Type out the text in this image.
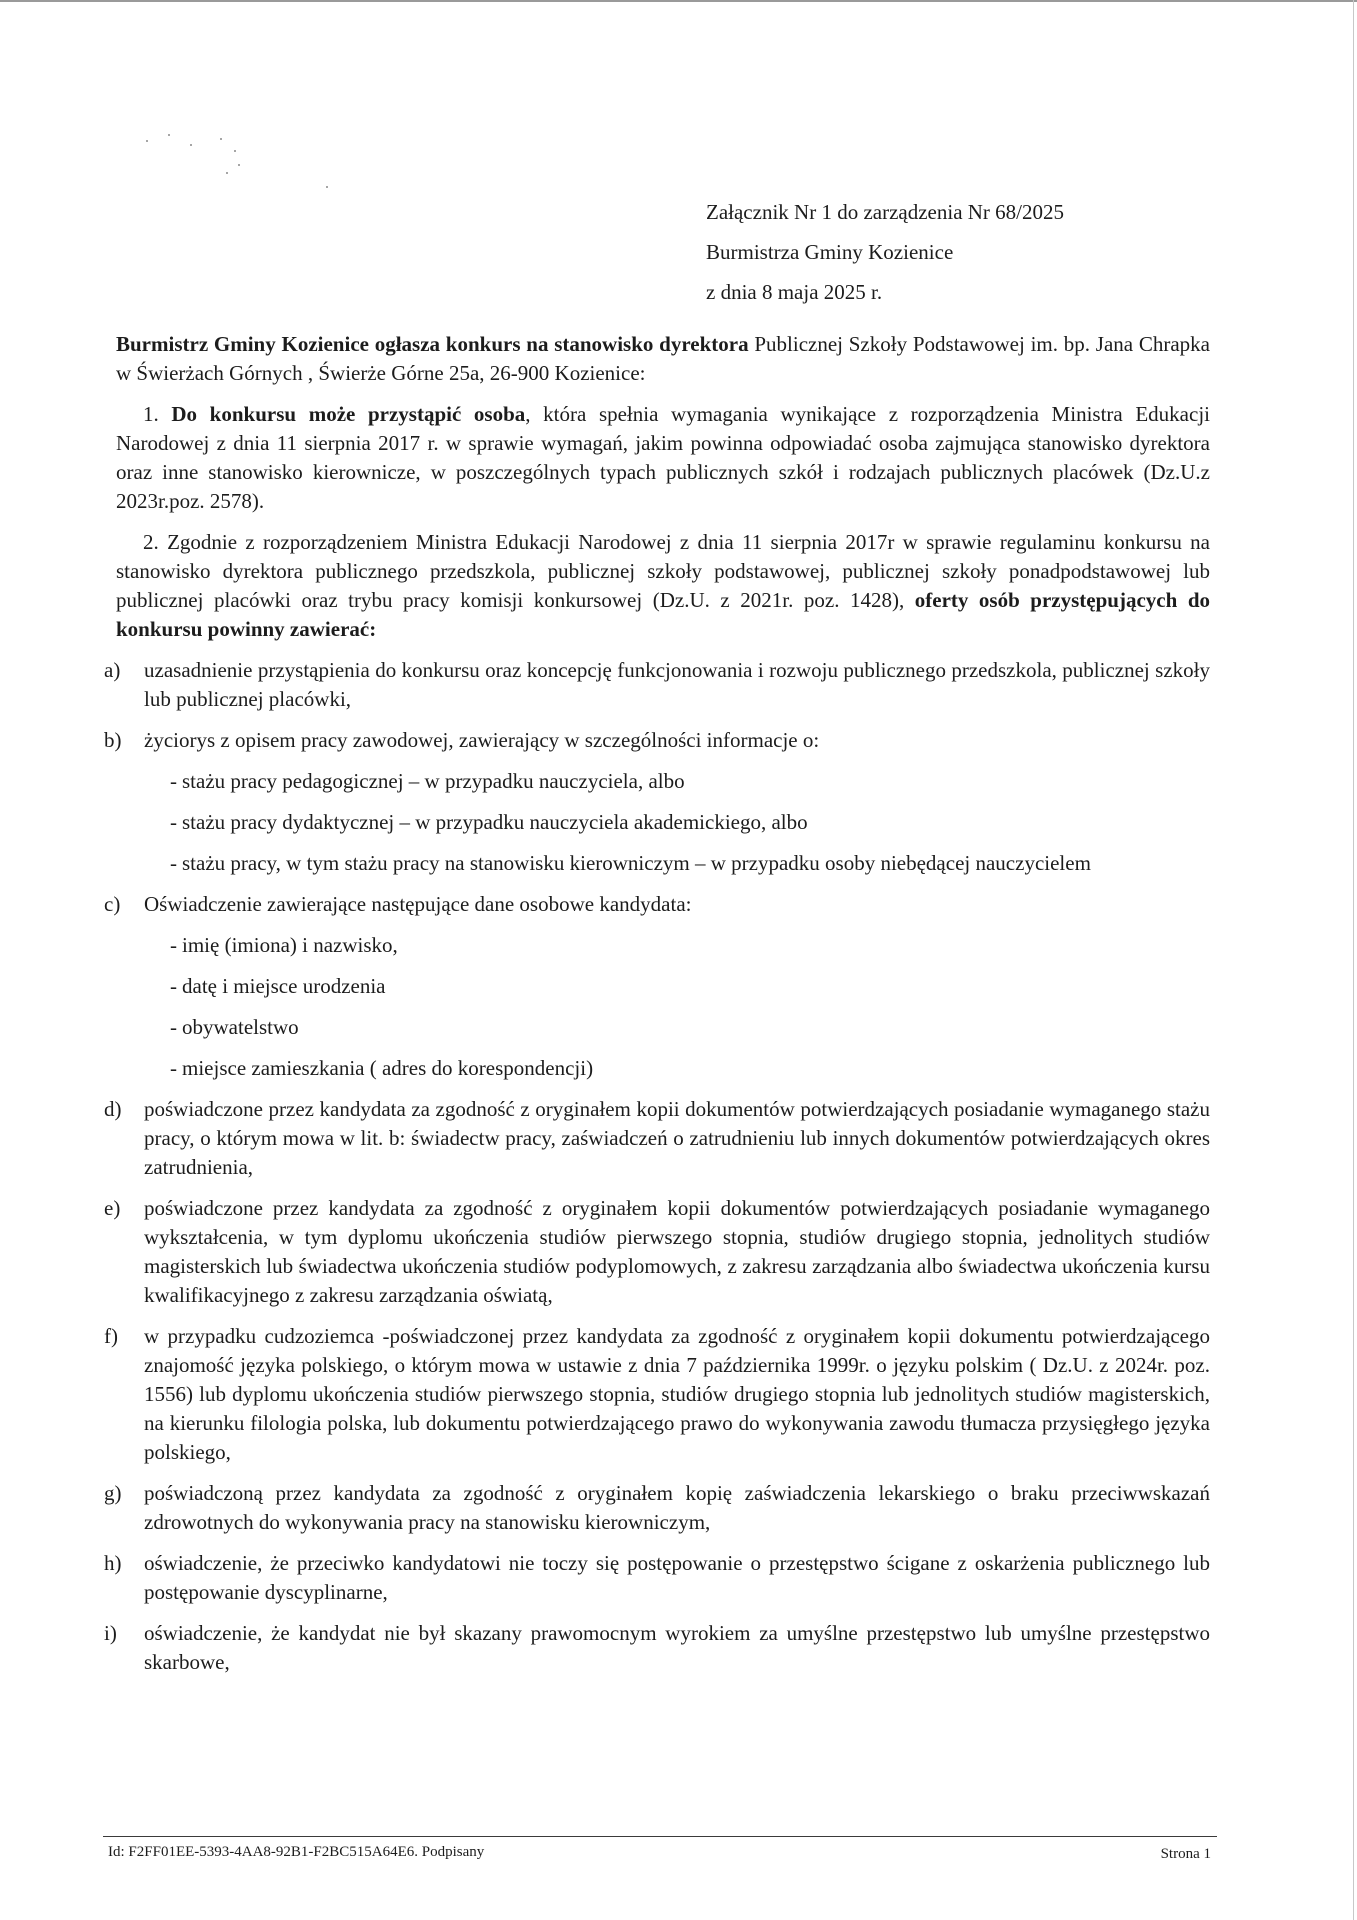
Załącznik Nr 1 do zarządzenia Nr 68/2025
Burmistrza Gminy Kozienice
z dnia 8 maja 2025 r.

Burmistrz Gminy Kozienice ogłasza konkurs na stanowisko dyrektora Publicznej Szkoły Podstawowej im. bp. Jana Chrapka w Świerżach Górnych , Świerże Górne 25a, 26-900 Kozienice:

1. Do konkursu może przystąpić osoba, która spełnia wymagania wynikające z rozporządzenia Ministra Edukacji Narodowej z dnia 11 sierpnia 2017 r. w sprawie wymagań, jakim powinna odpowiadać osoba zajmująca stanowisko dyrektora oraz inne stanowisko kierownicze, w poszczególnych typach publicznych szkół i rodzajach publicznych placówek (Dz.U.z 2023r.poz. 2578).

2. Zgodnie z rozporządzeniem Ministra Edukacji Narodowej z dnia 11 sierpnia 2017r w sprawie regulaminu konkursu na stanowisko dyrektora publicznego przedszkola, publicznej szkoły podstawowej, publicznej szkoły ponadpodstawowej lub publicznej placówki oraz trybu pracy komisji konkursowej (Dz.U. z 2021r. poz. 1428), oferty osób przystępujących do konkursu powinny zawierać:

a) uzasadnienie przystąpienia do konkursu oraz koncepcję funkcjonowania i rozwoju publicznego przedszkola, publicznej szkoły lub publicznej placówki,
b) życiorys z opisem pracy zawodowej, zawierający w szczególności informacje o:
- stażu pracy pedagogicznej – w przypadku nauczyciela, albo
- stażu pracy dydaktycznej – w przypadku nauczyciela akademickiego, albo
- stażu pracy, w tym stażu pracy na stanowisku kierowniczym – w przypadku osoby niebędącej nauczycielem
c) Oświadczenie zawierające następujące dane osobowe kandydata:
- imię (imiona) i nazwisko,
- datę i miejsce urodzenia
- obywatelstwo
- miejsce zamieszkania ( adres do korespondencji)
d) poświadczone przez kandydata za zgodność z oryginałem kopii dokumentów potwierdzających posiadanie wymaganego stażu pracy, o którym mowa w lit. b: świadectw pracy, zaświadczeń o zatrudnieniu lub innych dokumentów potwierdzających okres zatrudnienia,
e) poświadczone przez kandydata za zgodność z oryginałem kopii dokumentów potwierdzających posiadanie wymaganego wykształcenia, w tym dyplomu ukończenia studiów pierwszego stopnia, studiów drugiego stopnia, jednolitych studiów magisterskich lub świadectwa ukończenia studiów podyplomowych, z zakresu zarządzania albo świadectwa ukończenia kursu kwalifikacyjnego z zakresu zarządzania oświatą,
f) w przypadku cudzoziemca -poświadczonej przez kandydata za zgodność z oryginałem kopii dokumentu potwierdzającego znajomość języka polskiego, o którym mowa w ustawie z dnia 7 października 1999r. o języku polskim ( Dz.U. z 2024r. poz. 1556) lub dyplomu ukończenia studiów pierwszego stopnia, studiów drugiego stopnia lub jednolitych studiów magisterskich, na kierunku filologia polska, lub dokumentu potwierdzającego prawo do wykonywania zawodu tłumacza przysięgłego języka polskiego,
g) poświadczoną przez kandydata za zgodność z oryginałem kopię zaświadczenia lekarskiego o braku przeciwwskazań zdrowotnych do wykonywania pracy na stanowisku kierowniczym,
h) oświadczenie, że przeciwko kandydatowi nie toczy się postępowanie o przestępstwo ścigane z oskarżenia publicznego lub postępowanie dyscyplinarne,
i) oświadczenie, że kandydat nie był skazany prawomocnym wyrokiem za umyślne przestępstwo lub umyślne przestępstwo skarbowe,
Id: F2FF01EE-5393-4AA8-92B1-F2BC515A64E6. Podpisany	Strona 1
